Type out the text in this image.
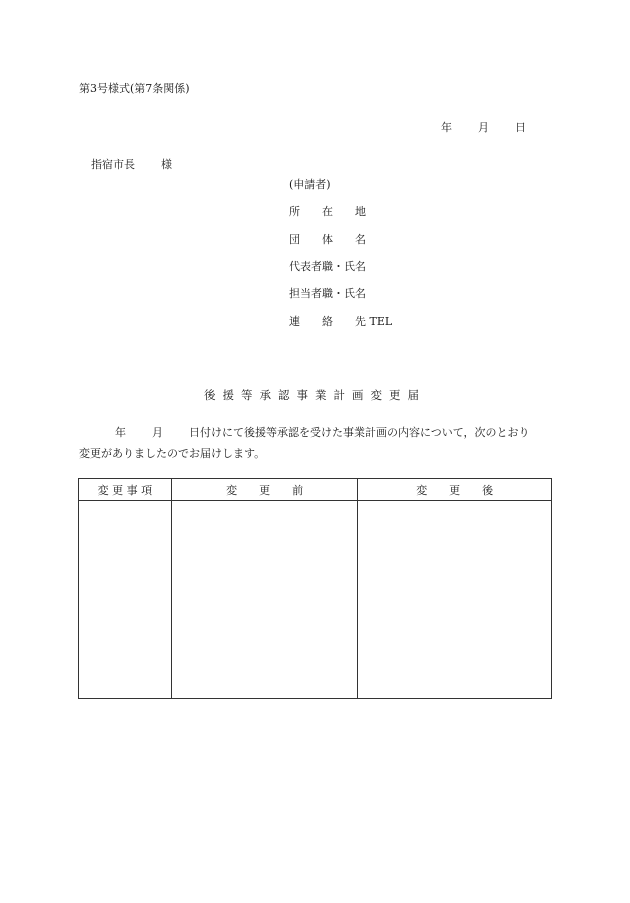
第3号様式(第7条関係)
年 月 日
指宿市長 様
(申請者)
所　　在　　地
団　　体　　名
代表者職・氏名
担当者職・氏名
連　　絡　　先 TEL
後援等承認事業計画変更届
年 月 日付けにて後援等承認を受けた事業計画の内容について，次のとおり
変更がありましたのでお届けします。
変 更 事 項	変　　更　　前	変　　更　　後
